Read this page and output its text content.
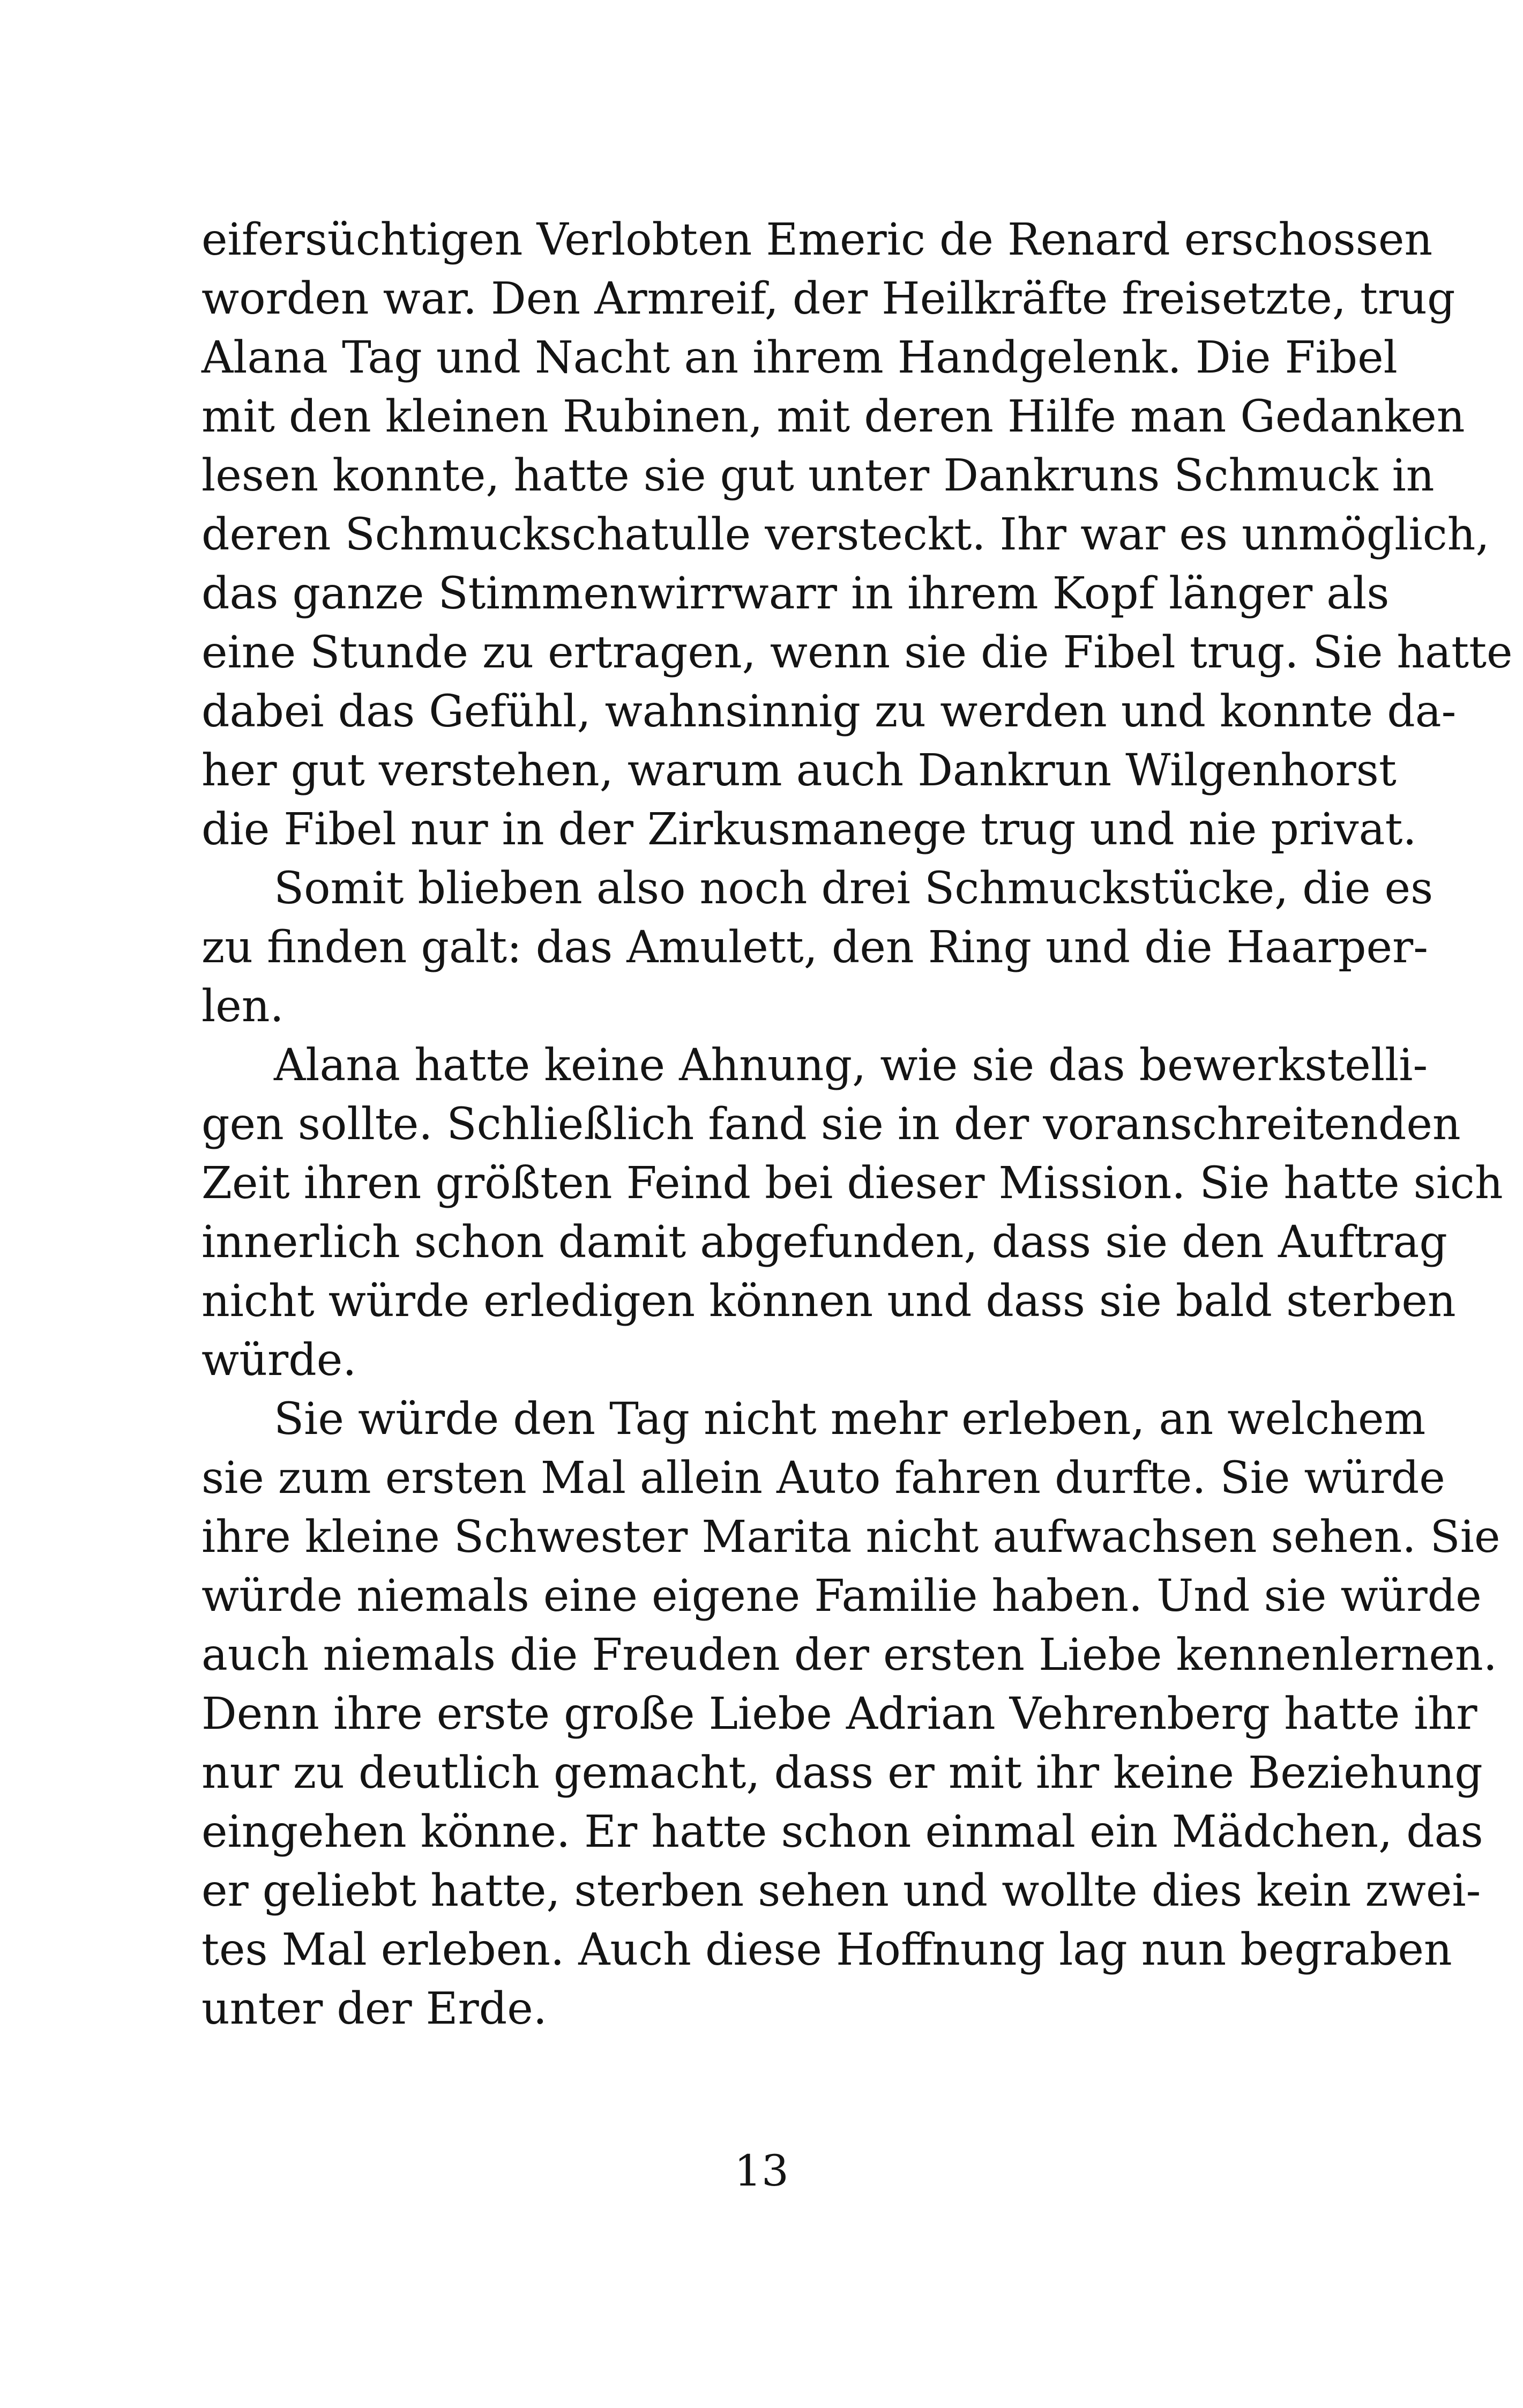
eifersüchtigen Verlobten Emeric de Renard erschossen
worden war. Den Armreif, der Heilkräfte freisetzte, trug
Alana Tag und Nacht an ihrem Handgelenk. Die Fibel
mit den kleinen Rubinen, mit deren Hilfe man Gedanken
lesen konnte, hatte sie gut unter Dankruns Schmuck in
deren Schmuckschatulle versteckt. Ihr war es unmöglich,
das ganze Stimmenwirrwarr in ihrem Kopf länger als
eine Stunde zu ertragen, wenn sie die Fibel trug. Sie hatte
dabei das Gefühl, wahnsinnig zu werden und konnte da-
her gut verstehen, warum auch Dankrun Wilgenhorst
die Fibel nur in der Zirkusmanege trug und nie privat.
Somit blieben also noch drei Schmuckstücke, die es
zu finden galt: das Amulett, den Ring und die Haarper-
len.
Alana hatte keine Ahnung, wie sie das bewerkstelli-
gen sollte. Schließlich fand sie in der voranschreitenden
Zeit ihren größten Feind bei dieser Mission. Sie hatte sich
innerlich schon damit abgefunden, dass sie den Auftrag
nicht würde erledigen können und dass sie bald sterben
würde.
Sie würde den Tag nicht mehr erleben, an welchem
sie zum ersten Mal allein Auto fahren durfte. Sie würde
ihre kleine Schwester Marita nicht aufwachsen sehen. Sie
würde niemals eine eigene Familie haben. Und sie würde
auch niemals die Freuden der ersten Liebe kennenlernen.
Denn ihre erste große Liebe Adrian Vehrenberg hatte ihr
nur zu deutlich gemacht, dass er mit ihr keine Beziehung
eingehen könne. Er hatte schon einmal ein Mädchen, das
er geliebt hatte, sterben sehen und wollte dies kein zwei-
tes Mal erleben. Auch diese Hoffnung lag nun begraben
unter der Erde.
13
